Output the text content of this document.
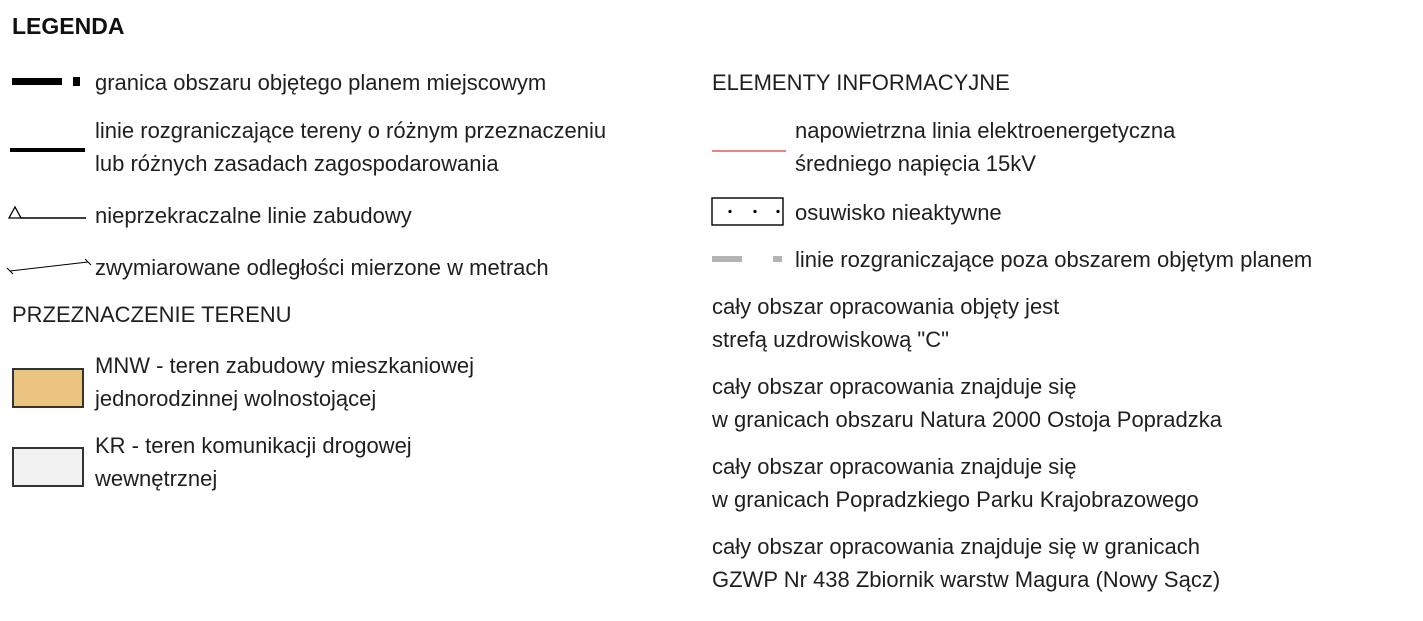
LEGENDA
granica obszaru objętego planem miejscowym
linie rozgraniczające tereny o różnym przeznaczeniu
lub różnych zasadach zagospodarowania
nieprzekraczalne linie zabudowy
zwymiarowane odległości mierzone w metrach
PRZEZNACZENIE TERENU
MNW - teren zabudowy mieszkaniowej
jednorodzinnej wolnostojącej
KR - teren komunikacji drogowej
wewnętrznej
ELEMENTY INFORMACYJNE
napowietrzna linia elektroenergetyczna
średniego napięcia 15kV
osuwisko nieaktywne
linie rozgraniczające poza obszarem objętym planem
cały obszar opracowania objęty jest
strefą uzdrowiskową "C"
cały obszar opracowania znajduje się
w granicach obszaru Natura 2000 Ostoja Popradzka
cały obszar opracowania znajduje się
w granicach Popradzkiego Parku Krajobrazowego
cały obszar opracowania znajduje się w granicach
GZWP Nr 438 Zbiornik warstw Magura (Nowy Sącz)
